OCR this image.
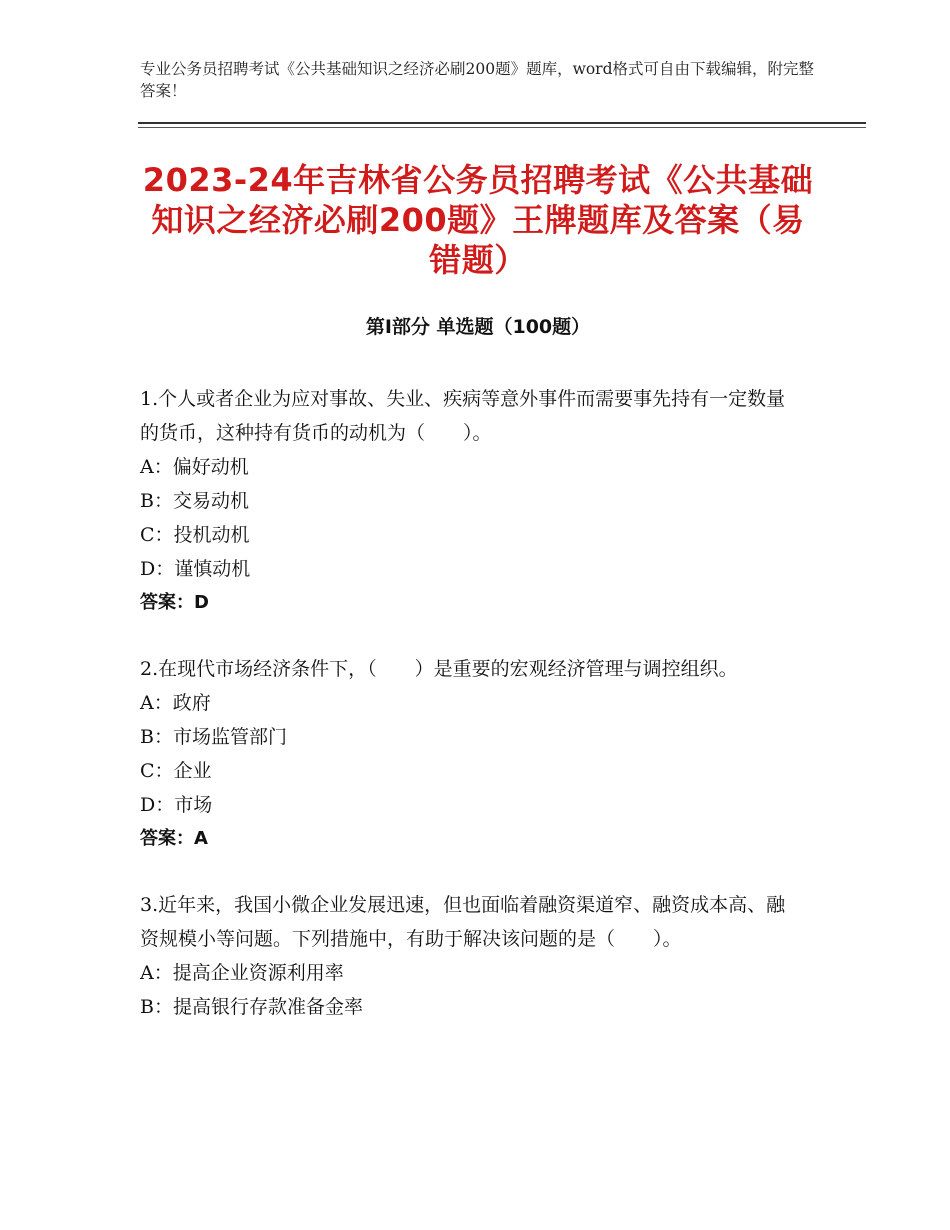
专业公务员招聘考试《公共基础知识之经济必刷200题》题库，word格式可自由下载编辑，附完整答案！
2023-24年吉林省公务员招聘考试《公共基础知识之经济必刷200题》王牌题库及答案（易错题）
第Ⅰ部分 单选题（100题）

1.个人或者企业为应对事故、失业、疾病等意外事件而需要事先持有一定数量的货币，这种持有货币的动机为（　　）。

A：偏好动机

B：交易动机

C：投机动机

D：谨慎动机

答案：D

2.在现代市场经济条件下，（　　）是重要的宏观经济管理与调控组织。

A：政府

B：市场监管部门

C：企业

D：市场

答案：A

3.近年来，我国小微企业发展迅速，但也面临着融资渠道窄、融资成本高、融资规模小等问题。下列措施中，有助于解决该问题的是（　　）。

A：提高企业资源利用率

B：提高银行存款准备金率
